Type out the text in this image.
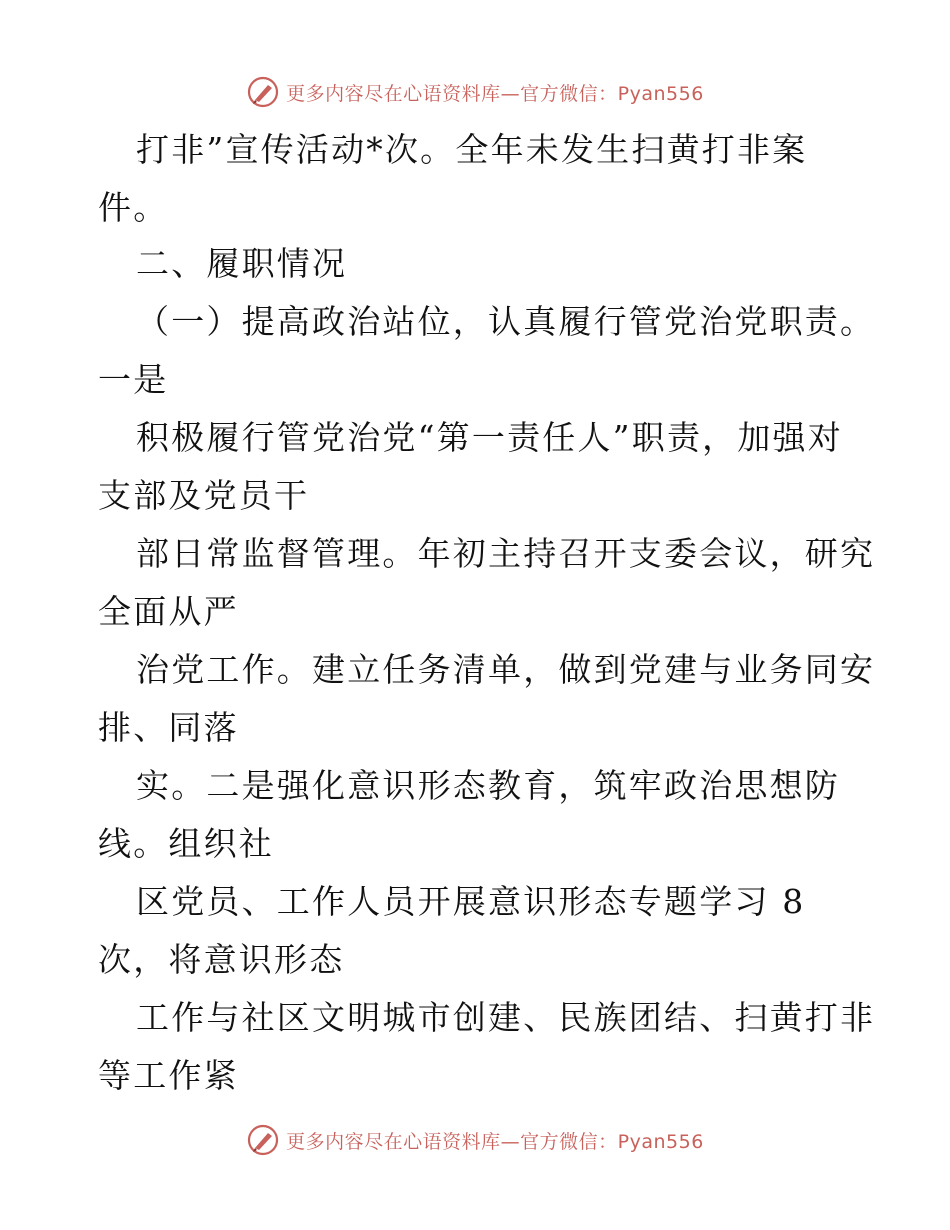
更多内容尽在心语资料库—官方微信：Pyan556
打非”宣传活动*次。全年未发生扫黄打非案
件。
二、履职情况
（一）提高政治站位，认真履行管党治党职责。
一是
积极履行管党治党“第一责任人”职责，加强对
支部及党员干
部日常监督管理。年初主持召开支委会议，研究
全面从严
治党工作。建立任务清单，做到党建与业务同安
排、同落
实。二是强化意识形态教育，筑牢政治思想防
线。组织社
区党员、工作人员开展意识形态专题学习 8
次，将意识形态
工作与社区文明城市创建、民族团结、扫黄打非
等工作紧
更多内容尽在心语资料库—官方微信：Pyan556
